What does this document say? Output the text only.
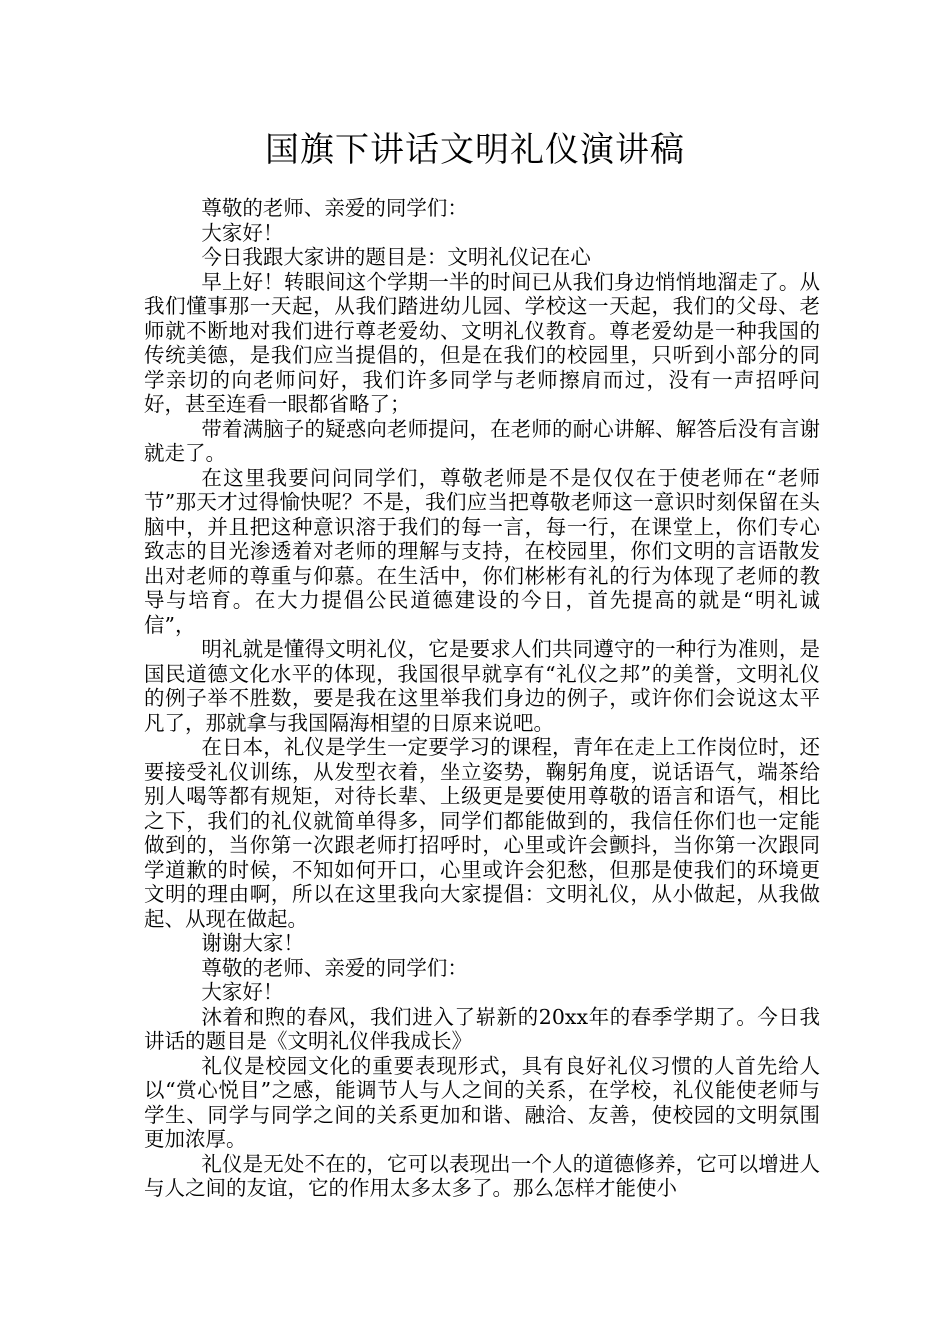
国旗下讲话文明礼仪演讲稿

尊敬的老师、亲爱的同学们：

大家好！

今日我跟大家讲的题目是：文明礼仪记在心

早上好！转眼间这个学期一半的时间已从我们身边悄悄地溜走了。从我们懂事那一天起，从我们踏进幼儿园、学校这一天起，我们的父母、老师就不断地对我们进行尊老爱幼、文明礼仪教育。尊老爱幼是一种我国的传统美德，是我们应当提倡的，但是在我们的校园里，只听到小部分的同学亲切的向老师问好，我们许多同学与老师擦肩而过，没有一声招呼问好，甚至连看一眼都省略了；

带着满脑子的疑惑向老师提问，在老师的耐心讲解、解答后没有言谢就走了。

在这里我要问问同学们，尊敬老师是不是仅仅在于使老师在“老师节”那天才过得愉快呢？不是，我们应当把尊敬老师这一意识时刻保留在头脑中，并且把这种意识溶于我们的每一言，每一行，在课堂上，你们专心致志的目光渗透着对老师的理解与支持，在校园里，你们文明的言语散发出对老师的尊重与仰慕。在生活中，你们彬彬有礼的行为体现了老师的教导与培育。在大力提倡公民道德建设的今日，首先提高的就是“明礼诚信”，

明礼就是懂得文明礼仪，它是要求人们共同遵守的一种行为准则，是国民道德文化水平的体现，我国很早就享有“礼仪之邦”的美誉，文明礼仪的例子举不胜数，要是我在这里举我们身边的例子，或许你们会说这太平凡了，那就拿与我国隔海相望的日原来说吧。

在日本，礼仪是学生一定要学习的课程，青年在走上工作岗位时，还要接受礼仪训练，从发型衣着，坐立姿势，鞠躬角度，说话语气，端茶给别人喝等都有规矩，对待长辈、上级更是要使用尊敬的语言和语气，相比之下，我们的礼仪就简单得多，同学们都能做到的，我信任你们也一定能做到的，当你第一次跟老师打招呼时，心里或许会颤抖，当你第一次跟同学道歉的时候，不知如何开口，心里或许会犯愁，但那是使我们的环境更文明的理由啊，所以在这里我向大家提倡：文明礼仪，从小做起，从我做起、从现在做起。

谢谢大家！

尊敬的老师、亲爱的同学们：

大家好！

沐着和煦的春风，我们进入了崭新的20xx年的春季学期了。今日我讲话的题目是《文明礼仪伴我成长》

礼仪是校园文化的重要表现形式，具有良好礼仪习惯的人首先给人以“赏心悦目”之感，能调节人与人之间的关系，在学校，礼仪能使老师与学生、同学与同学之间的关系更加和谐、融洽、友善，使校园的文明氛围更加浓厚。

礼仪是无处不在的，它可以表现出一个人的道德修养，它可以增进人与人之间的友谊，它的作用太多太多了。那么怎样才能使小
